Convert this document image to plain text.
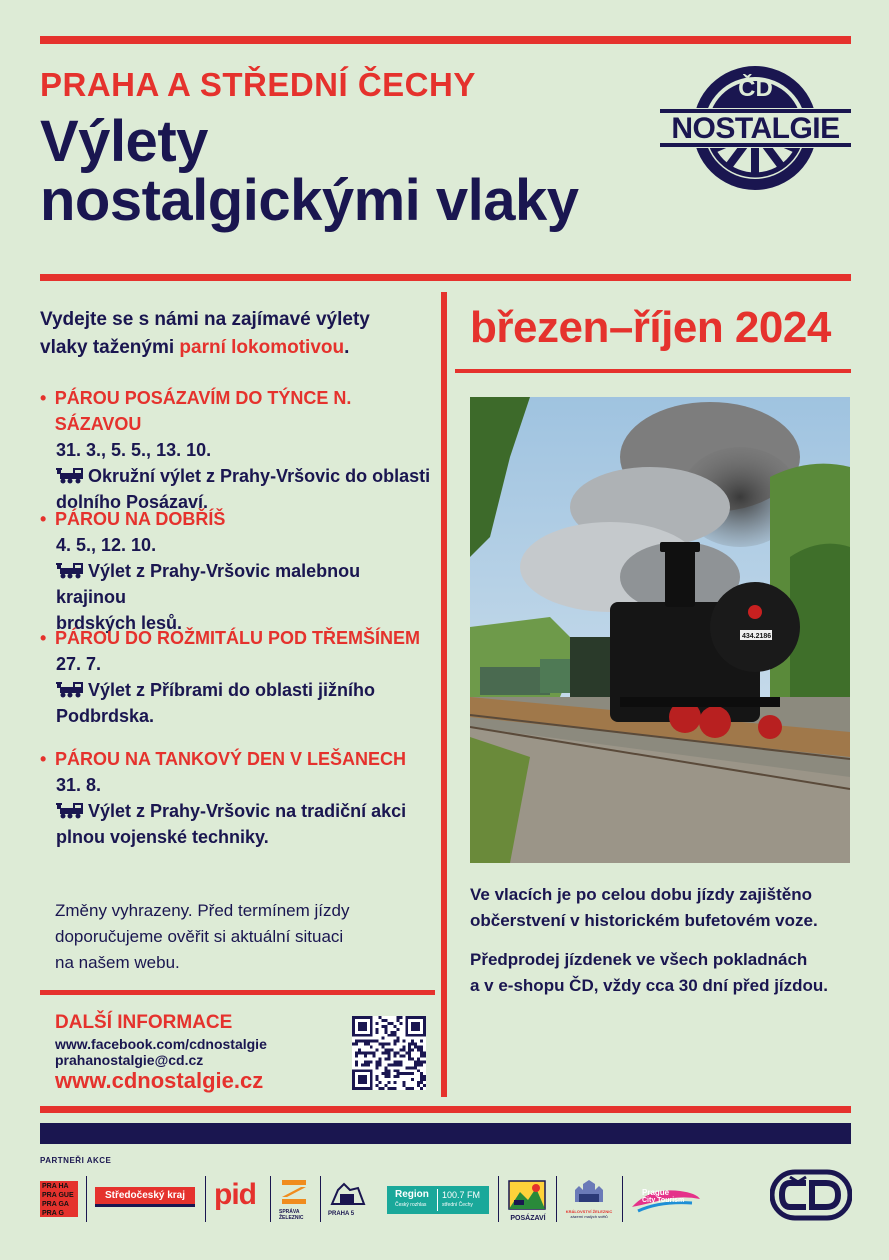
PRAHA A STŘEDNÍ ČECHY
Výlety
nostalgickými vlaky
ČD
NOSTALGIE
Vydejte se s námi na zajímavé výlety
vlaky taženými parní lokomotivou.
• PÁROU POSÁZAVÍM DO TÝNCE N. SÁZAVOU
31. 3., 5. 5., 13. 10.
Okružní výlet z Prahy-Vršovic do oblasti
dolního Posázaví.
• PÁROU NA DOBŘÍŠ
4. 5., 12. 10.
Výlet z Prahy-Vršovic malebnou krajinou
brdských lesů.
• PÁROU DO ROŽMITÁLU POD TŘEMŠÍNEM
27. 7.
Výlet z Příbrami do oblasti jižního
Podbrdska.
• PÁROU NA TANKOVÝ DEN V LEŠANECH
31. 8.
Výlet z Prahy-Vršovic na tradiční akci
plnou vojenské techniky.
Změny vyhrazeny. Před termínem jízdy
doporučujeme ověřit si aktuální situaci
na našem webu.
DALŠÍ INFORMACE
www.facebook.com/cdnostalgie
prahanostalgie@cd.cz
www.cdnostalgie.cz
březen–říjen 2024
434.2186
Ve vlacích je po celou dobu jízdy zajištěno
občerstvení v historickém bufetovém voze.
Předprodej jízdenek ve všech pokladnách
a v e-shopu ČD, vždy cca 30 dní před jízdou.
PARTNEŘI AKCE
PRA HA
PRA GUE
PRA GA
PRA G
Středočeský kraj pid
SPRÁVA
ŽELEZNIC
PRAHA 5
Region
Český rozhlas
100.7 FM
střední Čechy
POSÁZAVÍ
KRÁLOVSTVÍ ŽELEZNIC
zázemí malých světů
Prague
City Tourism
